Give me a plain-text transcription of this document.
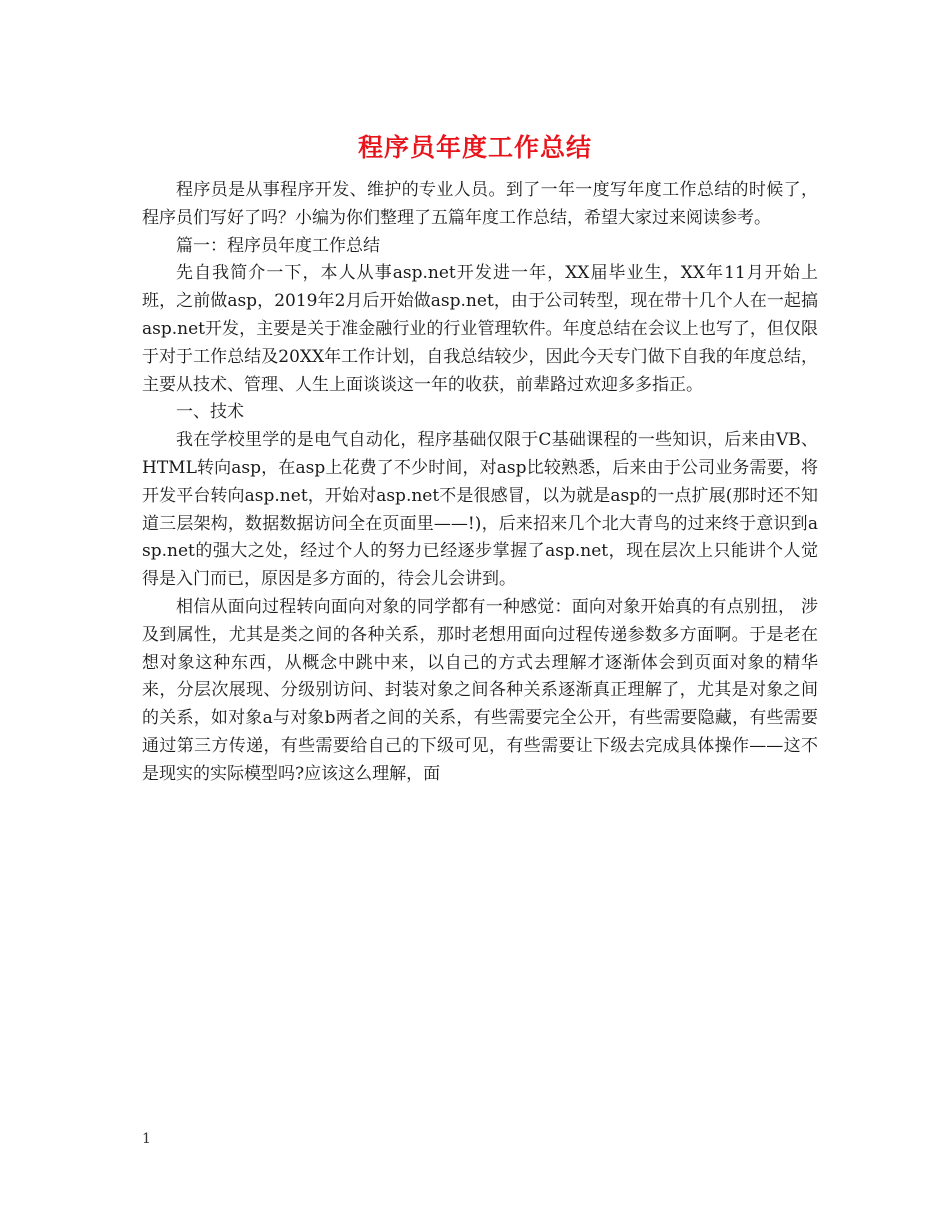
程序员年度工作总结

程序员是从事程序开发、维护的专业人员。到了一年一度写年度工作总结的时候了，程序员们写好了吗？小编为你们整理了五篇年度工作总结，希望大家过来阅读参考。

篇一：程序员年度工作总结

先自我简介一下，本人从事asp.net开发进一年，XX届毕业生，XX年11月开始上班，之前做asp，2019年2月后开始做asp.net，由于公司转型，现在带十几个人在一起搞asp.net开发，主要是关于准金融行业的行业管理软件。年度总结在会议上也写了，但仅限于对于工作总结及20XX年工作计划，自我总结较少，因此今天专门做下自我的年度总结，主要从技术、管理、人生上面谈谈这一年的收获，前辈路过欢迎多多指正。

一、技术

我在学校里学的是电气自动化，程序基础仅限于C基础课程的一些知识，后来由VB、HTML转向asp，在asp上花费了不少时间，对asp比较熟悉，后来由于公司业务需要，将开发平台转向asp.net，开始对asp.net不是很感冒，以为就是asp的一点扩展(那时还不知道三层架构，数据数据访问全在页面里——!)，后来招来几个北大青鸟的过来终于意识到asp.net的强大之处，经过个人的努力已经逐步掌握了asp.net，现在层次上只能讲个人觉得是入门而已，原因是多方面的，待会儿会讲到。

相信从面向过程转向面向对象的同学都有一种感觉：面向对象开始真的有点别扭， 涉及到属性，尤其是类之间的各种关系，那时老想用面向过程传递参数多方面啊。于是老在想对象这种东西，从概念中跳中来，以自己的方式去理解才逐渐体会到页面对象的精华来，分层次展现、分级别访问、封装对象之间各种关系逐渐真正理解了，尤其是对象之间的关系，如对象a与对象b两者之间的关系，有些需要完全公开，有些需要隐藏，有些需要通过第三方传递，有些需要给自己的下级可见，有些需要让下级去完成具体操作——这不是现实的实际模型吗?应该这么理解，面

1
